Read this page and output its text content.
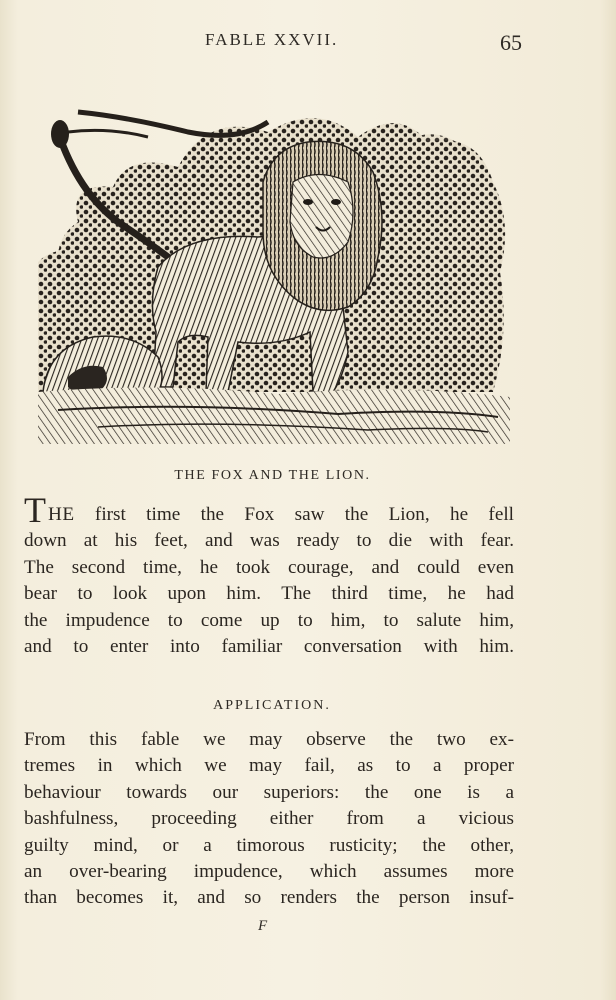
FABLE XXVII.	65
THE FOX AND THE LION.
THE first time the Fox saw the Lion, he fell
down at his feet, and was ready to die with fear.
The second time, he took courage, and could even
bear to look upon him. The third time, he had
the impudence to come up to him, to salute him,
and to enter into familiar conversation with him.
APPLICATION.
From this fable we may observe the two ex-
tremes in which we may fail, as to a proper
behaviour towards our superiors: the one is a
bashfulness, proceeding either from a vicious
guilty mind, or a timorous rusticity; the other,
an over-bearing impudence, which assumes more
than becomes it, and so renders the person insuf-
F
